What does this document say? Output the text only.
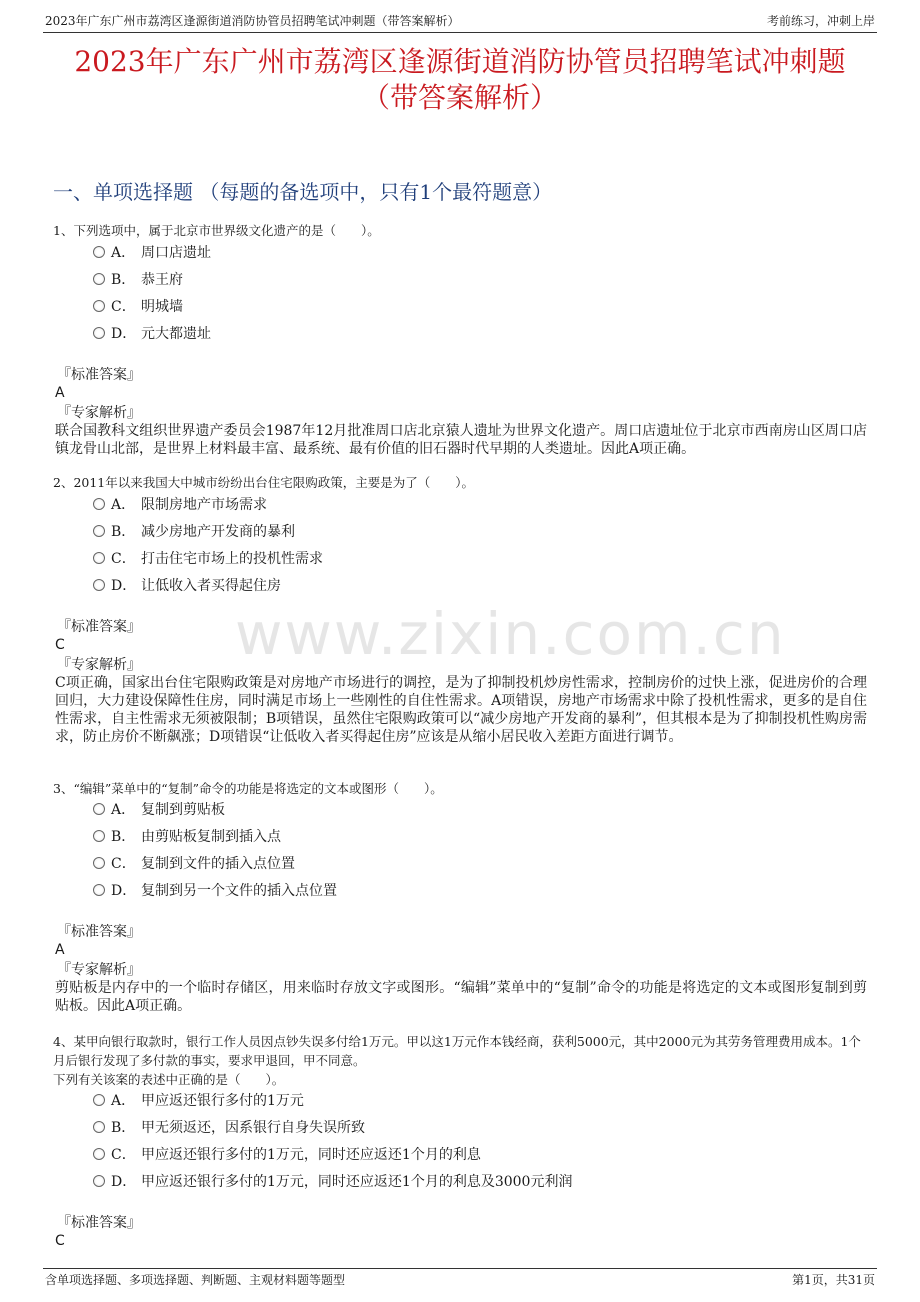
2023年广东广州市荔湾区逢源街道消防协管员招聘笔试冲刺题（带答案解析）	考前练习，冲刺上岸
2023年广东广州市荔湾区逢源街道消防协管员招聘笔试冲刺题
（带答案解析）
一、单项选择题 （每题的备选项中，只有1个最符题意）
www.zixin.com.cn
1、下列选项中，属于北京市世界级文化遗产的是（　　）。
A． 周口店遗址
B． 恭王府
C． 明城墙
D． 元大都遗址
『标准答案』
A
『专家解析』
联合国教科文组织世界遗产委员会1987年12月批准周口店北京猿人遗址为世界文化遗产。周口店遗址位于北京市西南房山区周口店镇龙骨山北部，是世界上材料最丰富、最系统、最有价值的旧石器时代早期的人类遗址。因此A项正确。
2、2011年以来我国大中城市纷纷出台住宅限购政策，主要是为了（　　）。
A． 限制房地产市场需求
B． 减少房地产开发商的暴利
C． 打击住宅市场上的投机性需求
D． 让低收入者买得起住房
『标准答案』
C
『专家解析』
C项正确，国家出台住宅限购政策是对房地产市场进行的调控，是为了抑制投机炒房性需求，控制房价的过快上涨，促进房价的合理回归，大力建设保障性住房，同时满足市场上一些刚性的自住性需求。A项错误，房地产市场需求中除了投机性需求，更多的是自住性需求，自主性需求无须被限制；B项错误，虽然住宅限购政策可以“减少房地产开发商的暴利”，但其根本是为了抑制投机性购房需求，防止房价不断飙涨；D项错误“让低收入者买得起住房”应该是从缩小居民收入差距方面进行调节。
3、“编辑”菜单中的“复制”命令的功能是将选定的文本或图形（　　）。
A． 复制到剪贴板
B． 由剪贴板复制到插入点
C． 复制到文件的插入点位置
D． 复制到另一个文件的插入点位置
『标准答案』
A
『专家解析』
剪贴板是内存中的一个临时存储区，用来临时存放文字或图形。“编辑”菜单中的“复制”命令的功能是将选定的文本或图形复制到剪贴板。因此A项正确。
4、某甲向银行取款时，银行工作人员因点钞失误多付给1万元。甲以这1万元作本钱经商，获利5000元，其中2000元为其劳务管理费用成本。1个月后银行发现了多付款的事实，要求甲退回，甲不同意。
下列有关该案的表述中正确的是（　　）。
A． 甲应返还银行多付的1万元
B． 甲无须返还，因系银行自身失误所致
C． 甲应返还银行多付的1万元，同时还应返还1个月的利息
D． 甲应返还银行多付的1万元，同时还应返还1个月的利息及3000元利润
『标准答案』
C
含单项选择题、多项选择题、判断题、主观材料题等题型	第1页，共31页
